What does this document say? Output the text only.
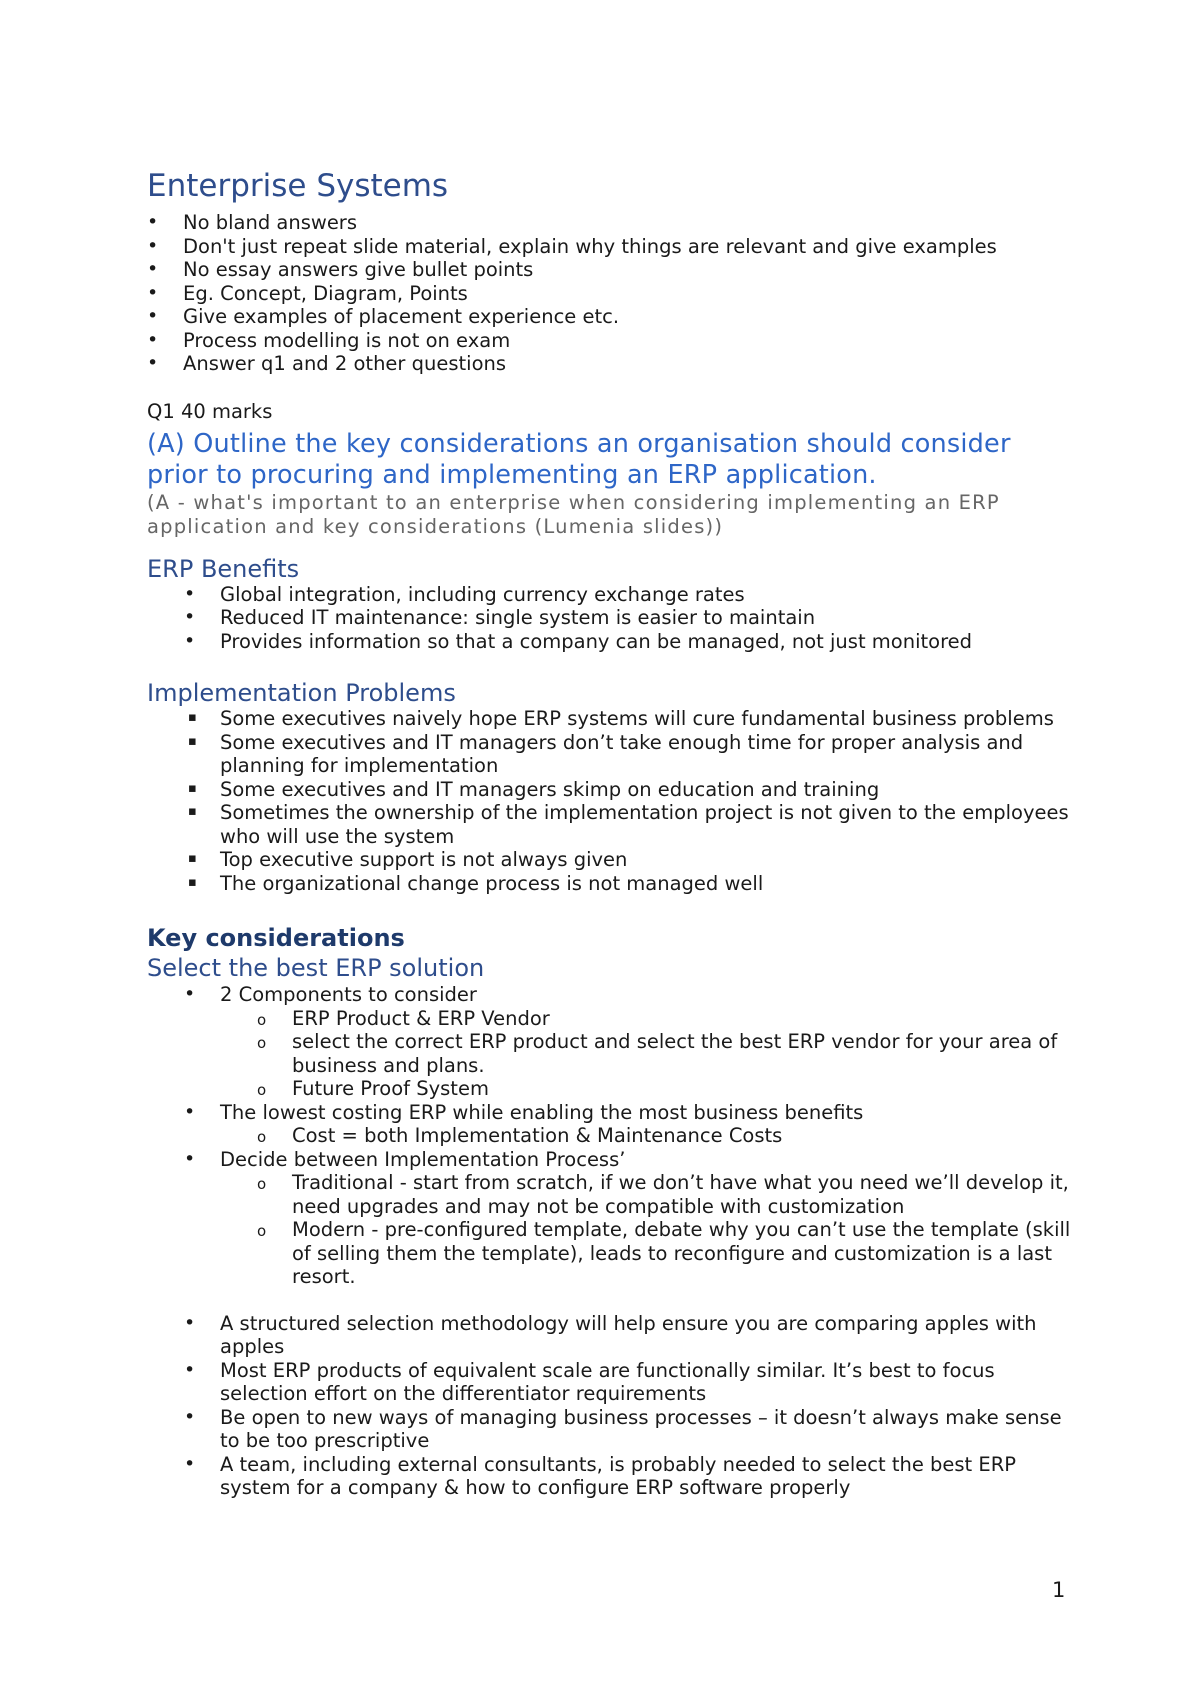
Enterprise Systems
• No bland answers
• Don't just repeat slide material, explain why things are relevant and give examples
• No essay answers give bullet points
• Eg. Concept, Diagram, Points
• Give examples of placement experience etc.
• Process modelling is not on exam
• Answer q1 and 2 other questions
Q1 40 marks
(A) Outline the key considerations an organisation should consider prior to procuring and implementing an ERP application.
(A - what's important to an enterprise when considering implementing an ERP application and key considerations (Lumenia slides))
ERP Benefits
• Global integration, including currency exchange rates
• Reduced IT maintenance: single system is easier to maintain
• Provides information so that a company can be managed, not just monitored
Implementation Problems
▪ Some executives naively hope ERP systems will cure fundamental business problems
▪ Some executives and IT managers don’t take enough time for proper analysis and planning for implementation
▪ Some executives and IT managers skimp on education and training
▪ Sometimes the ownership of the implementation project is not given to the employees who will use the system
▪ Top executive support is not always given
▪ The organizational change process is not managed well
Key considerations
Select the best ERP solution
• 2 Components to consider
o ERP Product & ERP Vendor
o select the correct ERP product and select the best ERP vendor for your area of business and plans.
o Future Proof System
• The lowest costing ERP while enabling the most business benefits
o Cost = both Implementation & Maintenance Costs
• Decide between Implementation Process’
o Traditional - start from scratch, if we don’t have what you need we’ll develop it, need upgrades and may not be compatible with customization
o Modern - pre-configured template, debate why you can’t use the template (skill of selling them the template), leads to reconfigure and customization is a last resort.
• A structured selection methodology will help ensure you are comparing apples with apples
• Most ERP products of equivalent scale are functionally similar. It’s best to focus selection effort on the differentiator requirements
• Be open to new ways of managing business processes – it doesn’t always make sense to be too prescriptive
• A team, including external consultants, is probably needed to select the best ERP system for a company & how to configure ERP software properly
1
